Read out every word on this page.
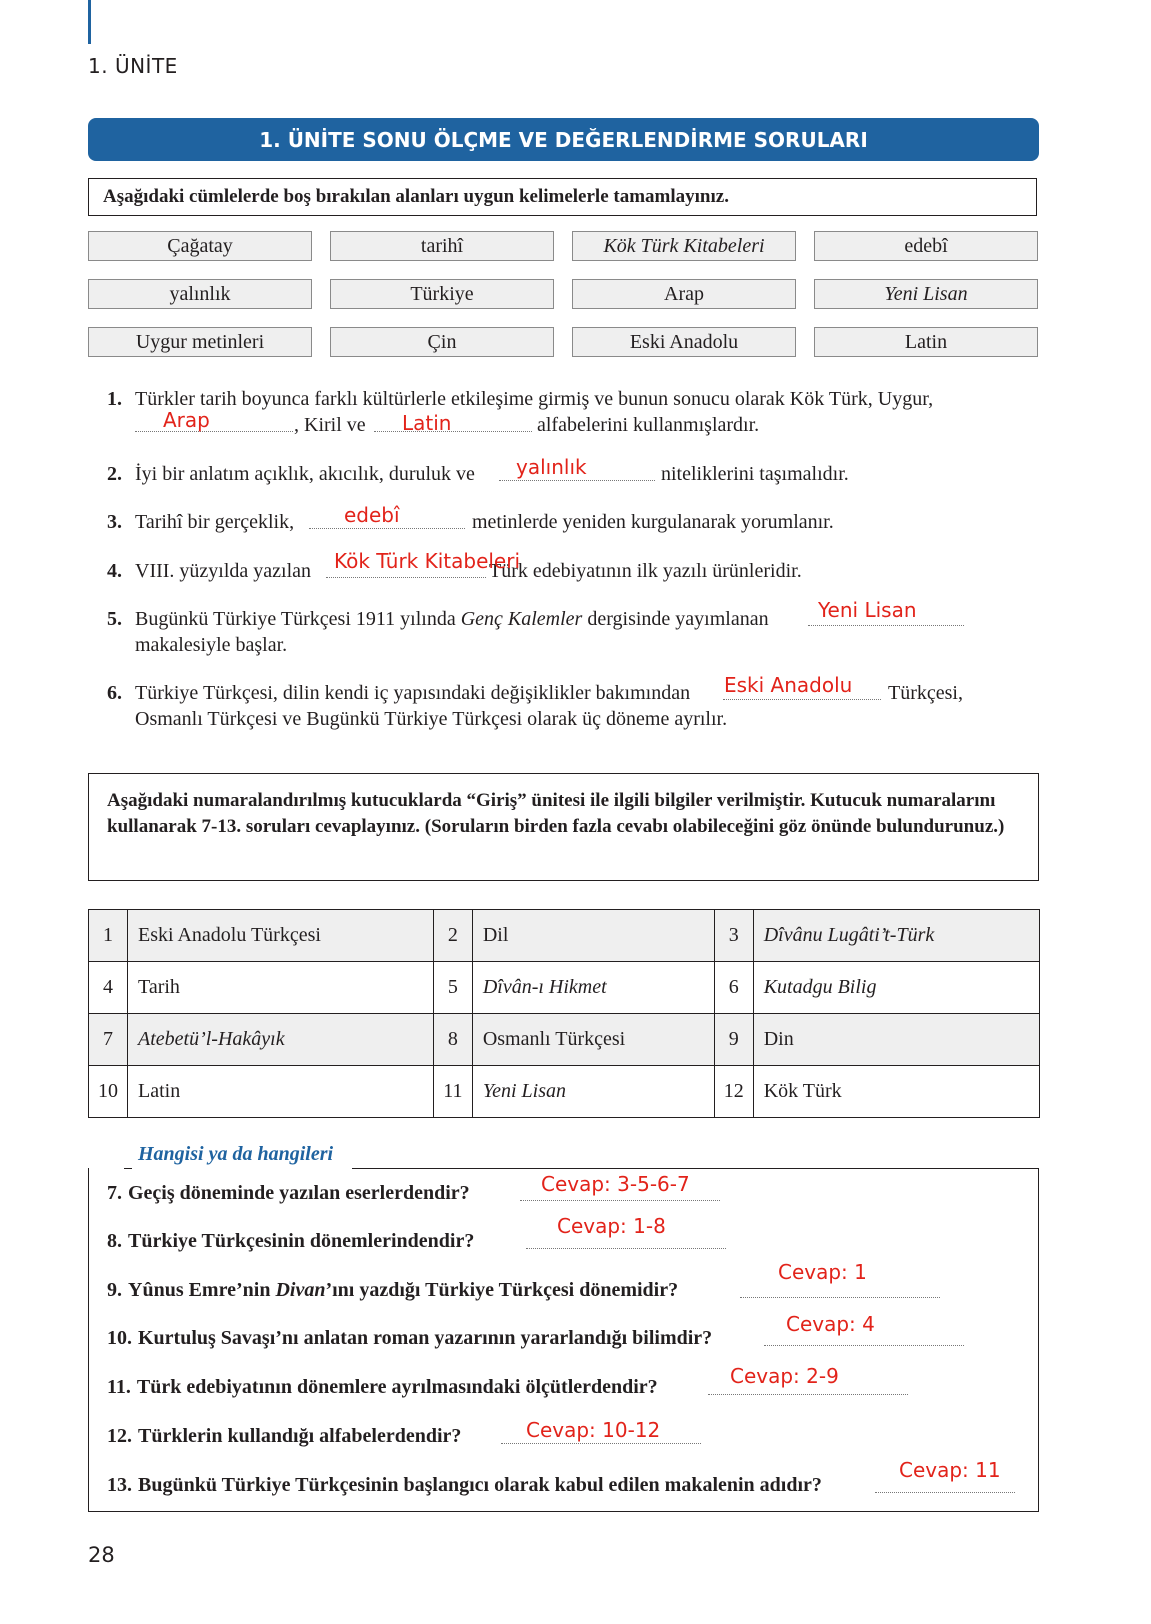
1. ÜNİTE
1. ÜNİTE SONU ÖLÇME VE DEĞERLENDİRME SORULARI
Aşağıdaki cümlelerde boş bırakılan alanları uygun kelimelerle tamamlayınız.
Çağatay	tarihî	Kök Türk Kitabeleri	edebî
yalınlık	Türkiye	Arap	Yeni Lisan
Uygur metinleri	Çin	Eski Anadolu	Latin
1. Türkler tarih boyunca farklı kültürlerle etkileşime girmiş ve bunun sonucu olarak Kök Türk, Uygur,
, Kiril ve	alfabelerini kullanmışlardır.
Arap	Latin
2. İyi bir anlatım açıklık, akıcılık, duruluk ve	niteliklerini taşımalıdır.
yalınlık
3. Tarihî bir gerçeklik,	metinlerde yeniden kurgulanarak yorumlanır.
edebî
4. VIII. yüzyılda yazılan	Türk edebiyatının ilk yazılı ürünleridir.
Kök Türk Kitabeleri
5. Bugünkü Türkiye Türkçesi 1911 yılında Genç Kalemler dergisinde yayımlanan
makalesiyle başlar.
Yeni Lisan
6. Türkiye Türkçesi, dilin kendi iç yapısındaki değişiklikler bakımından	Türkçesi,
Osmanlı Türkçesi ve Bugünkü Türkiye Türkçesi olarak üç döneme ayrılır.
Eski Anadolu
Aşağıdaki numaralandırılmış kutucuklarda “Giriş” ünitesi ile ilgili bilgiler verilmiştir. Kutucuk numaralarını kullanarak 7-13. soruları cevaplayınız. (Soruların birden fazla cevabı olabileceğini göz önünde bulundurunuz.)
1	Eski Anadolu Türkçesi	2	Dil	3	Dîvânu Lugâti’t-Türk
4	Tarih	5	Dîvân-ı Hikmet	6	Kutadgu Bilig
7	Atebetü’l-Hakâyık	8	Osmanlı Türkçesi	9	Din
10	Latin	11	Yeni Lisan	12	Kök Türk
Hangisi ya da hangileri
7. Geçiş döneminde yazılan eserlerdendir?	Cevap: 3-5-6-7
8. Türkiye Türkçesinin dönemlerindendir?
Cevap: 1-8
9. Yûnus Emre’nin Divan’ını yazdığı Türkiye Türkçesi dönemidir?
Cevap: 1
10. Kurtuluş Savaşı’nı anlatan roman yazarının yararlandığı bilimdir?
Cevap: 4
11. Türk edebiyatının dönemlere ayrılmasındaki ölçütlerdendir?	Cevap: 2-9
12. Türklerin kullandığı alfabelerdendir?	Cevap: 10-12
13. Bugünkü Türkiye Türkçesinin başlangıcı olarak kabul edilen makalenin adıdır?
Cevap: 11
28
